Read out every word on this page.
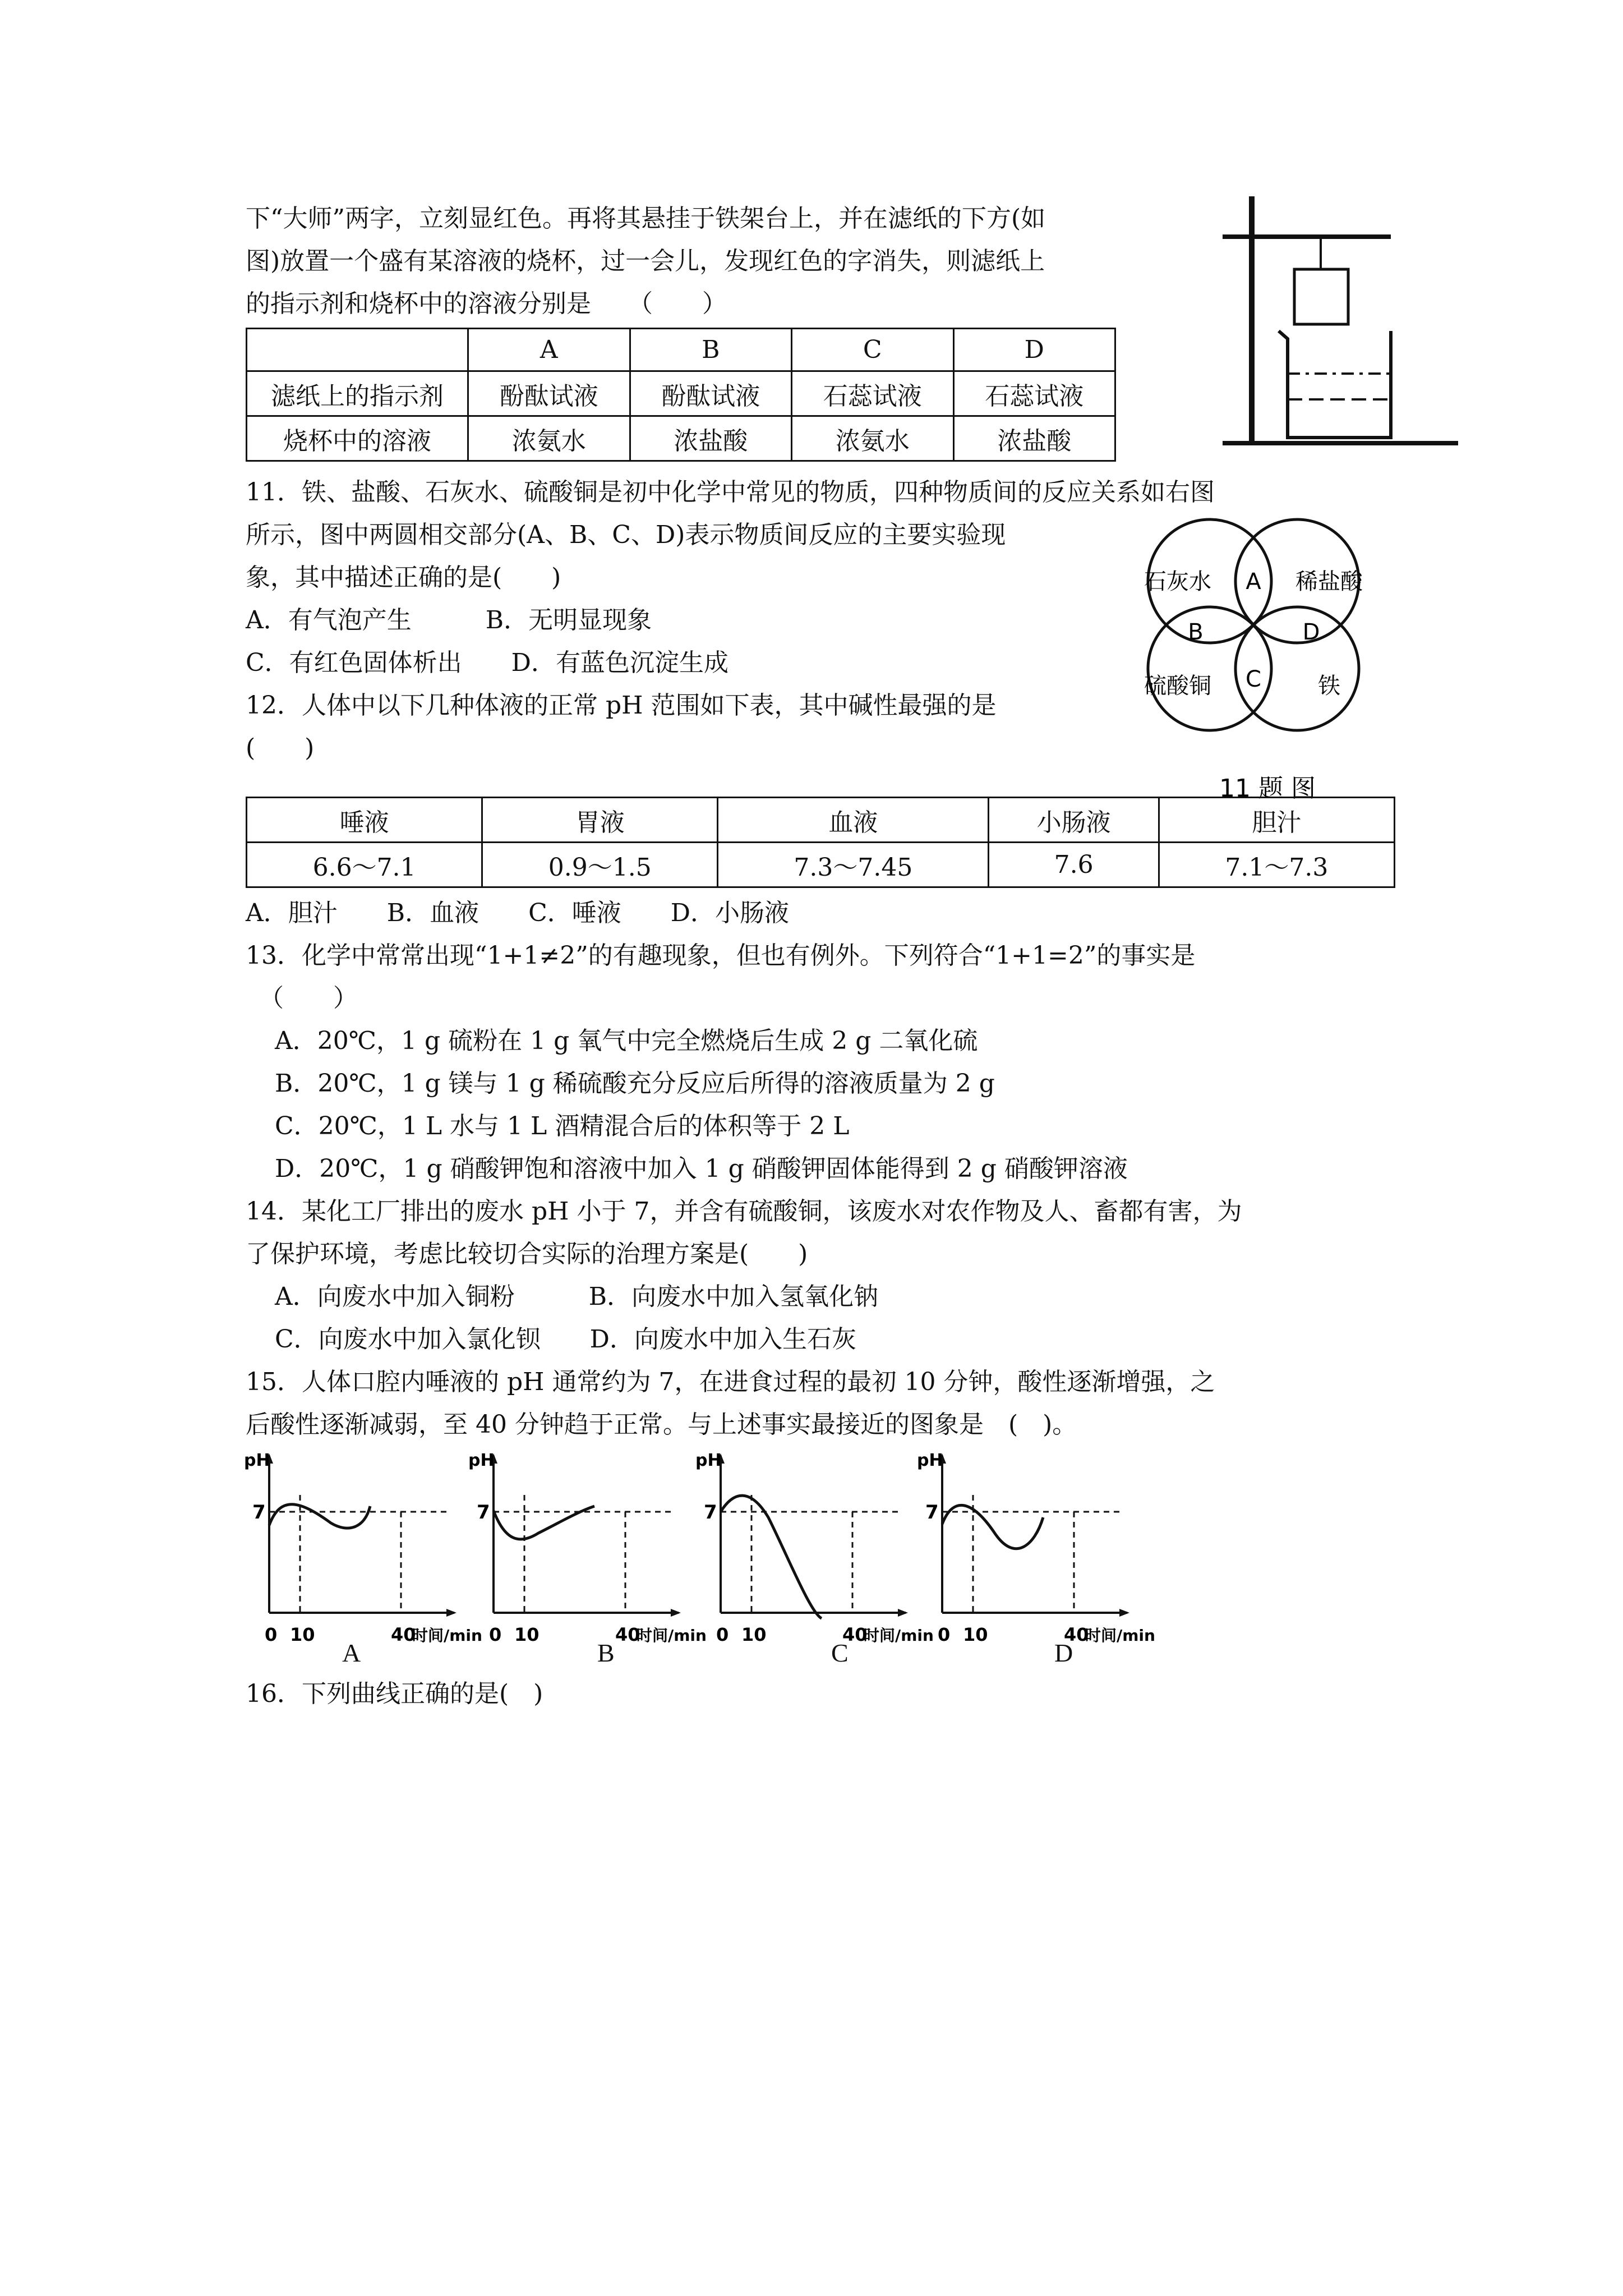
下“大师”两字，立刻显红色。再将其悬挂于铁架台上，并在滤纸的下方(如
图)放置一个盛有某溶液的烧杯，过一会儿，发现红色的字消失，则滤纸上
的指示剂和烧杯中的溶液分别是　　（　　）
	A	B	C	D
滤纸上的指示剂	酚酞试液	酚酞试液	石蕊试液	石蕊试液
烧杯中的溶液	浓氨水	浓盐酸	浓氨水	浓盐酸
11．铁、盐酸、石灰水、硫酸铜是初中化学中常见的物质，四种物质间的反应关系如右图
所示，图中两圆相交部分(A、B、C、D)表示物质间反应的主要实验现
象，其中描述正确的是(　　)
A．有气泡产生　　　B．无明显现象
C．有红色固体析出　　D．有蓝色沉淀生成
石灰水	稀盐酸
硫酸铜	铁
A
B
C
D
11 题 图
12．人体中以下几种体液的正常 pH 范围如下表，其中碱性最强的是
(　　)
唾液	胃液	血液	小肠液	胆汁
6.6～7.1	0.9～1.5	7.3～7.45	7.6	7.1～7.3
A．胆汁　　B．血液　　C．唾液　　D．小肠液
13．化学中常常出现“1+1≠2”的有趣现象，但也有例外。下列符合“1+1=2”的事实是
（　　）
A．20℃，1 g 硫粉在 1 g 氧气中完全燃烧后生成 2 g 二氧化硫
B．20℃，1 g 镁与 1 g 稀硫酸充分反应后所得的溶液质量为 2 g
C．20℃，1 L 水与 1 L 酒精混合后的体积等于 2 L
D．20℃，1 g 硝酸钾饱和溶液中加入 1 g 硝酸钾固体能得到 2 g 硝酸钾溶液
14．某化工厂排出的废水 pH 小于 7，并含有硫酸铜，该废水对农作物及人、畜都有害，为
了保护环境，考虑比较切合实际的治理方案是(　　)
A．向废水中加入铜粉　　　B．向废水中加入氢氧化钠
C．向废水中加入氯化钡　　D．向废水中加入生石灰
15．人体口腔内唾液的 pH 通常约为 7，在进食过程的最初 10 分钟，酸性逐渐增强，之
后酸性逐渐减弱，至 40 分钟趋于正常。与上述事实最接近的图象是　(　)。
pH
7
0 10	40
时间/min
pH
7
0 10	40
时间/min
pH
7
0 10	40
时间/min
pH
7
0 10	40
时间/min
A	B	C	D
16．下列曲线正确的是(　)
